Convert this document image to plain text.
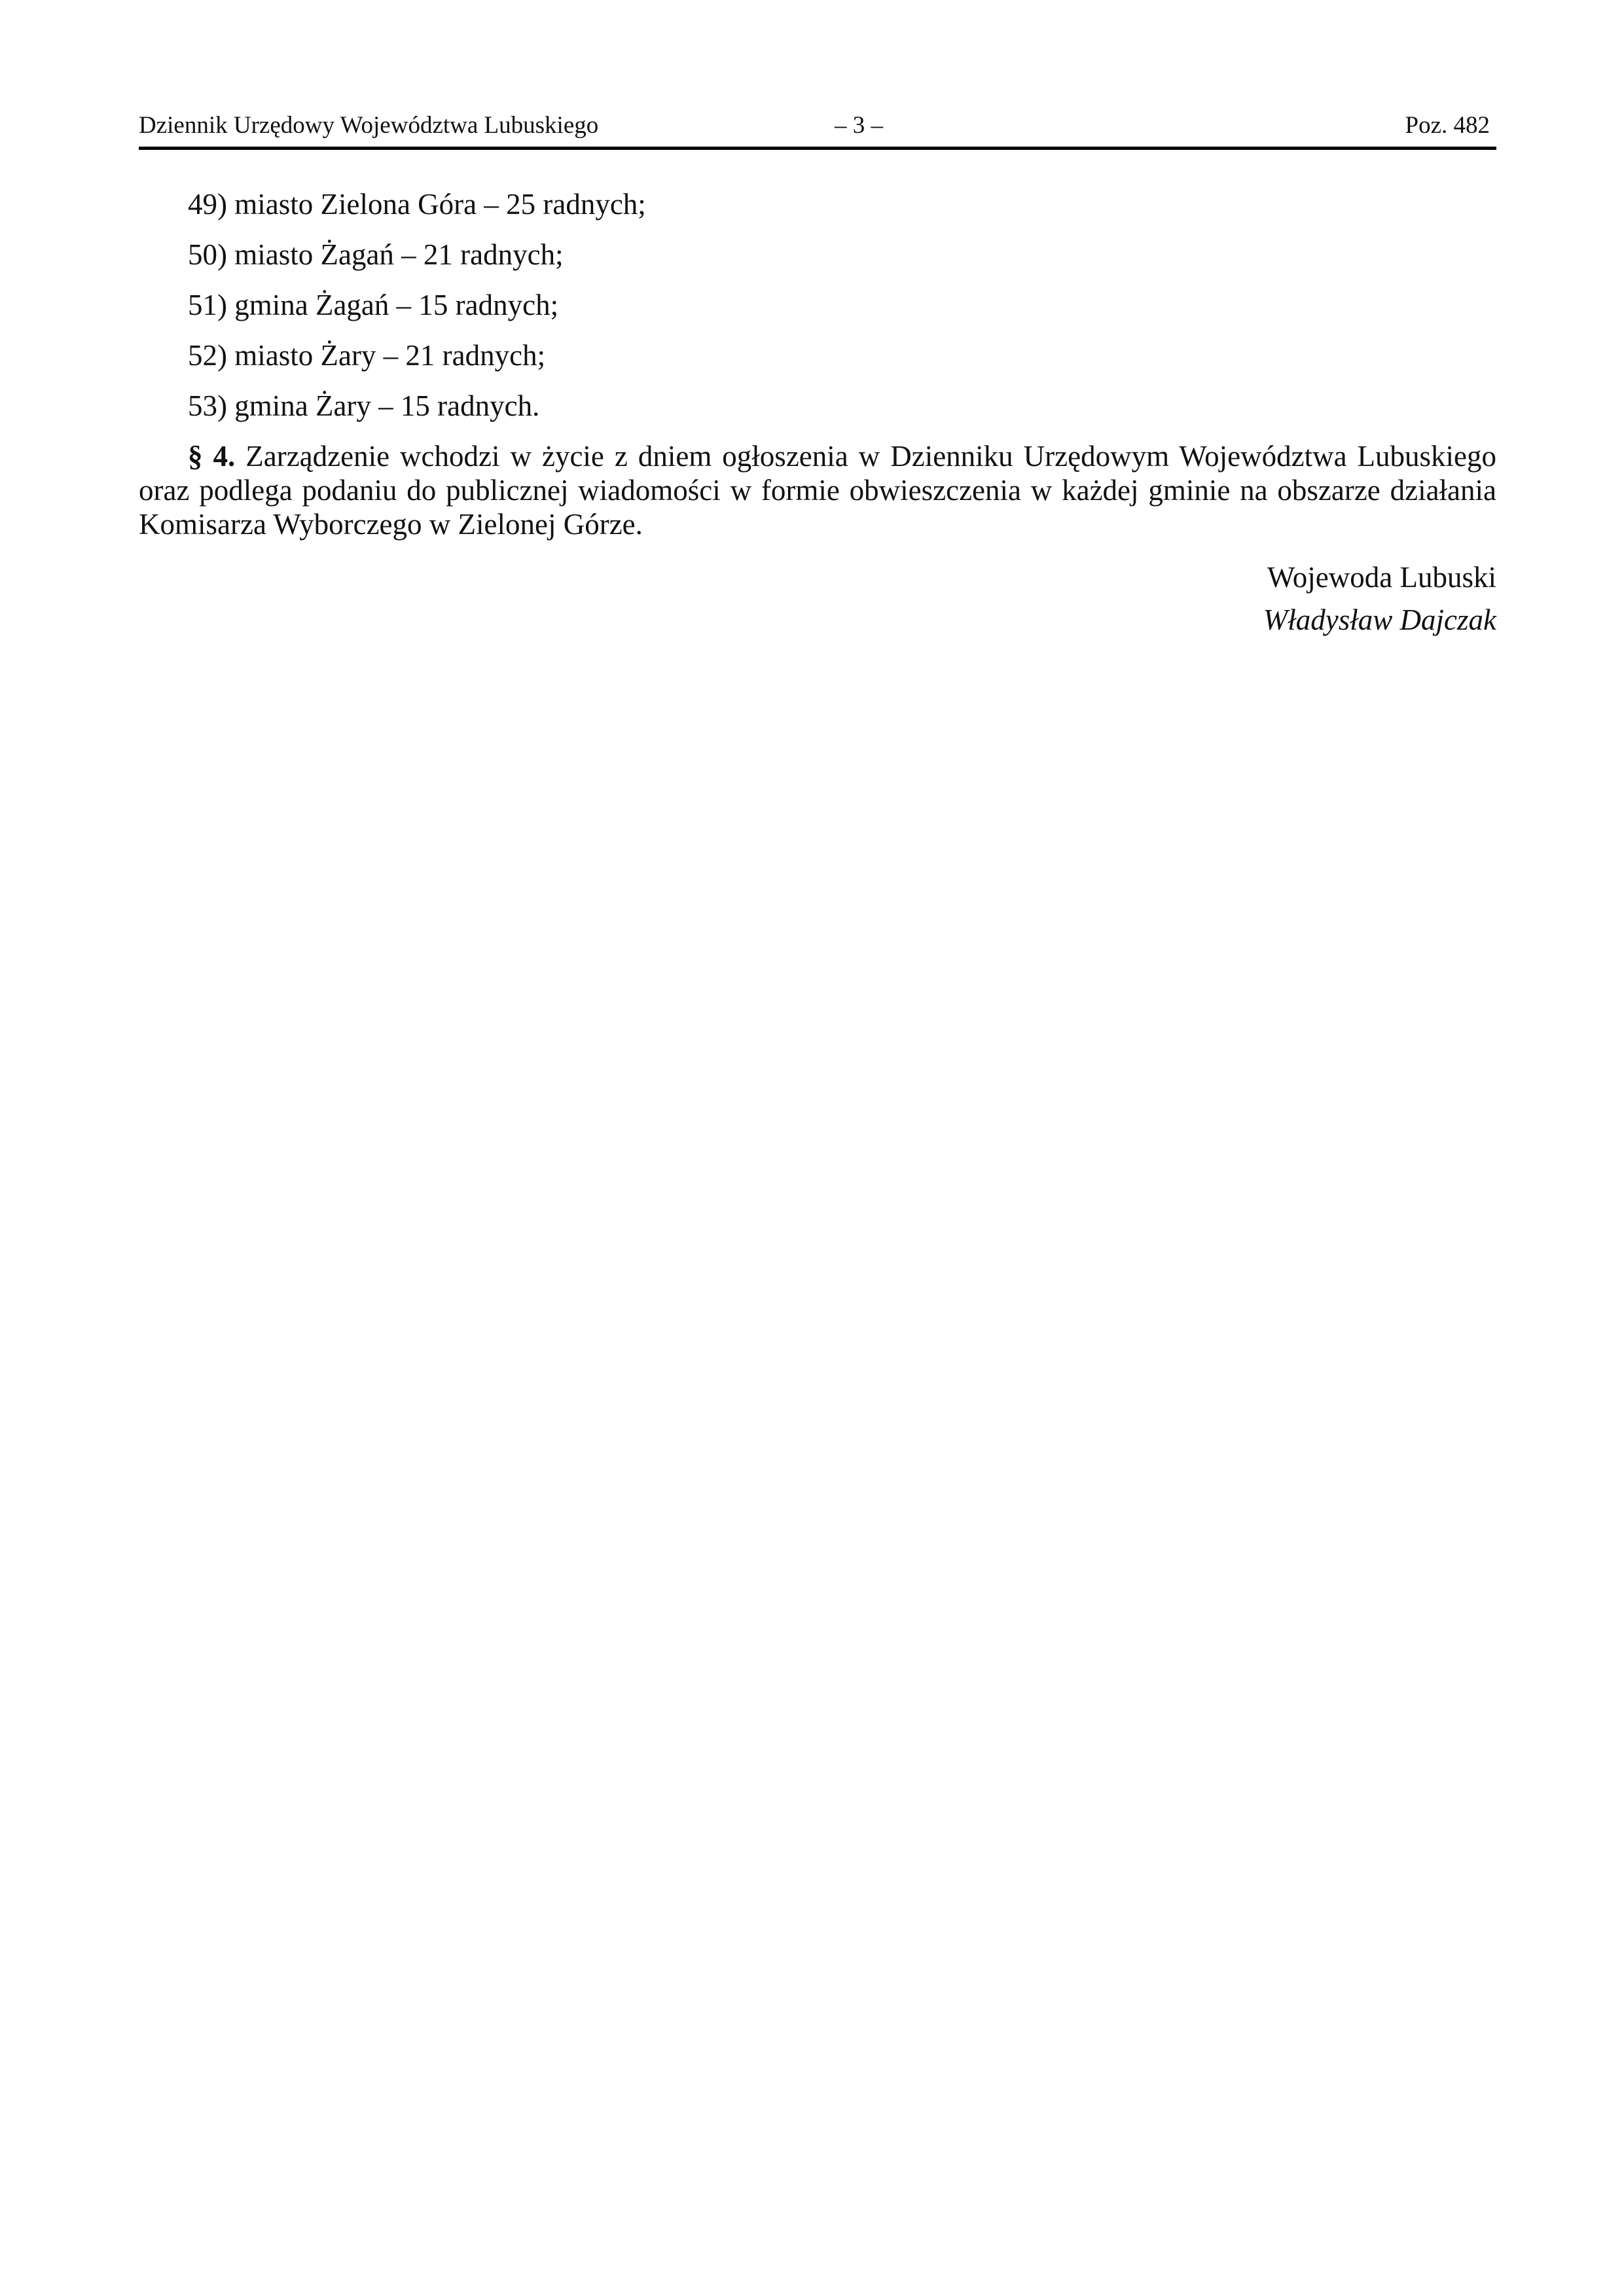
Dziennik Urzędowy Województwa Lubuskiego	– 3 –	Poz. 482

49) miasto Zielona Góra – 25 radnych;

50) miasto Żagań – 21 radnych;

51) gmina Żagań – 15 radnych;

52) miasto Żary – 21 radnych;

53) gmina Żary – 15 radnych.

§ 4. Zarządzenie wchodzi w życie z dniem ogłoszenia w Dzienniku Urzędowym Województwa Lubuskiego oraz podlega podaniu do publicznej wiadomości w formie obwieszczenia w każdej gminie na obszarze działania Komisarza Wyborczego w Zielonej Górze.

Wojewoda Lubuski
Władysław Dajczak
